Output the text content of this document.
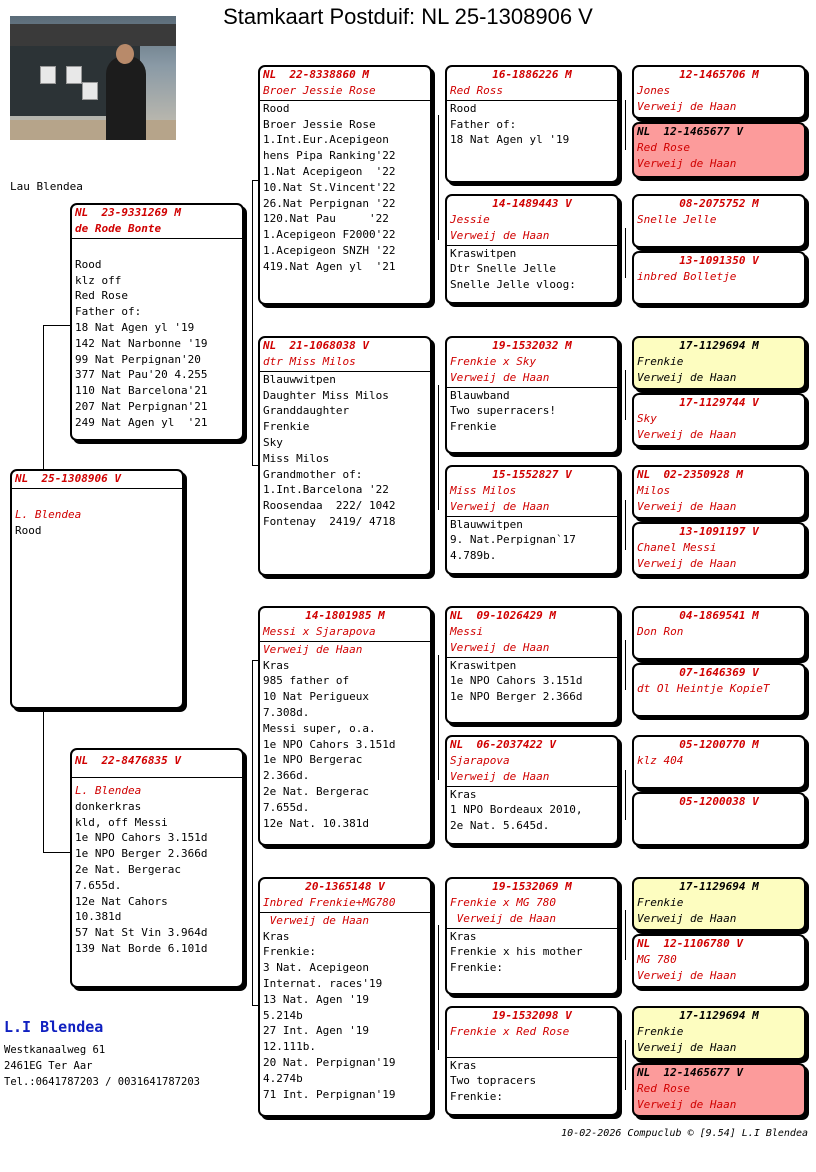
Stamkaart Postduif: NL 25-1308906 V
Lau Blendea
NL  25-1308906 V
L. Blendea
Rood
NL  23-9331269 M
de Rode Bonte
Rood
klz off
Red Rose
Father of:
18 Nat Agen yl '19
142 Nat Narbonne '19
99 Nat Perpignan'20
377 Nat Pau'20 4.255
110 Nat Barcelona'21
207 Nat Perpignan'21
249 Nat Agen yl  '21
NL  22-8476835 V
L. Blendea
donkerkras
kld, off Messi
1e NPO Cahors 3.151d
1e NPO Berger 2.366d
2e Nat. Bergerac
7.655d.
12e Nat Cahors
10.381d
57 Nat St Vin 3.964d
139 Nat Borde 6.101d
NL  22-8338860 M
Broer Jessie Rose
Rood
Broer Jessie Rose
1.Int.Eur.Acepigeon
hens Pipa Ranking'22
1.Nat Acepigeon  '22
10.Nat St.Vincent'22
26.Nat Perpignan '22
120.Nat Pau     '22
1.Acepigeon F2000'22
1.Acepigeon SNZH '22
419.Nat Agen yl  '21
NL  21-1068038 V
dtr Miss Milos
Blauwwitpen
Daughter Miss Milos
Granddaughter
Frenkie
Sky
Miss Milos
Grandmother of:
1.Int.Barcelona '22
Roosendaa  222/ 1042
Fontenay  2419/ 4718
14-1801985 M
Messi x Sjarapova
Verweij de Haan
Kras
985 father of
10 Nat Perigueux
7.308d.
Messi super, o.a.
1e NPO Cahors 3.151d
1e NPO Bergerac
2.366d.
2e Nat. Bergerac
7.655d.
12e Nat. 10.381d
20-1365148 V
Inbred Frenkie+MG780
Verweij de Haan
Kras
Frenkie:
3 Nat. Acepigeon
Internat. races'19
13 Nat. Agen '19
5.214b
27 Int. Agen '19
12.111b.
20 Nat. Perpignan'19
4.274b
71 Int. Perpignan'19
16-1886226 M
Red Ross
Rood
Father of:
18 Nat Agen yl '19
14-1489443 V
Jessie
Verweij de Haan
Kraswitpen
Dtr Snelle Jelle
Snelle Jelle vloog:
19-1532032 M
Frenkie x Sky
Verweij de Haan
Blauwband
Two superracers!
Frenkie
15-1552827 V
Miss Milos
Verweij de Haan
Blauwwitpen
9. Nat.Perpignan`17
4.789b.
NL  09-1026429 M
Messi
Verweij de Haan
Kraswitpen
1e NPO Cahors 3.151d
1e NPO Berger 2.366d
NL  06-2037422 V
Sjarapova
Verweij de Haan
Kras
1 NPO Bordeaux 2010,
2e Nat. 5.645d.
19-1532069 M
Frenkie x MG 780
Verweij de Haan
Kras
Frenkie x his mother
Frenkie:
19-1532098 V
Frenkie x Red Rose
Kras
Two topracers
Frenkie:
12-1465706 M
Jones
Verweij de Haan
NL  12-1465677 V
Red Rose
Verweij de Haan
08-2075752 M
Snelle Jelle
13-1091350 V
inbred Bolletje
17-1129694 M
Frenkie
Verweij de Haan
17-1129744 V
Sky
Verweij de Haan
NL  02-2350928 M
Milos
Verweij de Haan
13-1091197 V
Chanel Messi
Verweij de Haan
04-1869541 M
Don Ron
07-1646369 V
dt Ol Heintje KopieT
05-1200770 M
klz 404
05-1200038 V
17-1129694 M
Frenkie
Verweij de Haan
NL  12-1106780 V
MG 780
Verweij de Haan
17-1129694 M
Frenkie
Verweij de Haan
NL  12-1465677 V
Red Rose
Verweij de Haan
L.I Blendea
Westkanaalweg 61
2461EG Ter Aar
Tel.:0641787203 / 0031641787203
10-02-2026 Compuclub © [9.54] L.I Blendea
